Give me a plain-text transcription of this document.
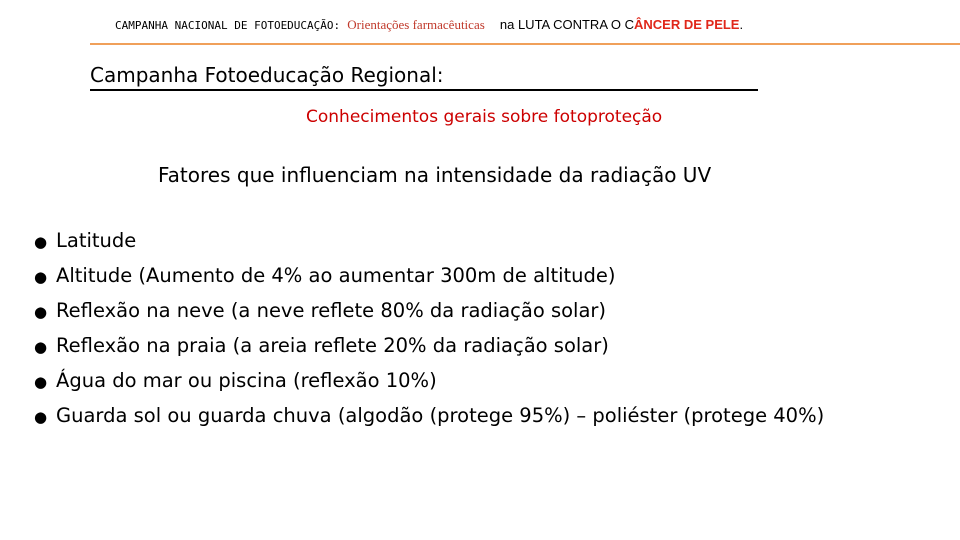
CAMPANHA NACIONAL DE FOTOEDUCAÇÃO: Orientações farmacêuticas na LUTA CONTRA O CÂNCER DE PELE.
Campanha Fotoeducação Regional:
Conhecimentos gerais sobre fotoproteção
Fatores que influenciam na intensidade da radiação UV
● Latitude
● Altitude (Aumento de 4% ao aumentar 300m de altitude)
● Reflexão na neve (a neve reflete 80% da radiação solar)
● Reflexão na praia (a areia reflete 20% da radiação solar)
● Água do mar ou piscina (reflexão 10%)
● Guarda sol ou guarda chuva (algodão (protege 95%) – poliéster (protege 40%)
